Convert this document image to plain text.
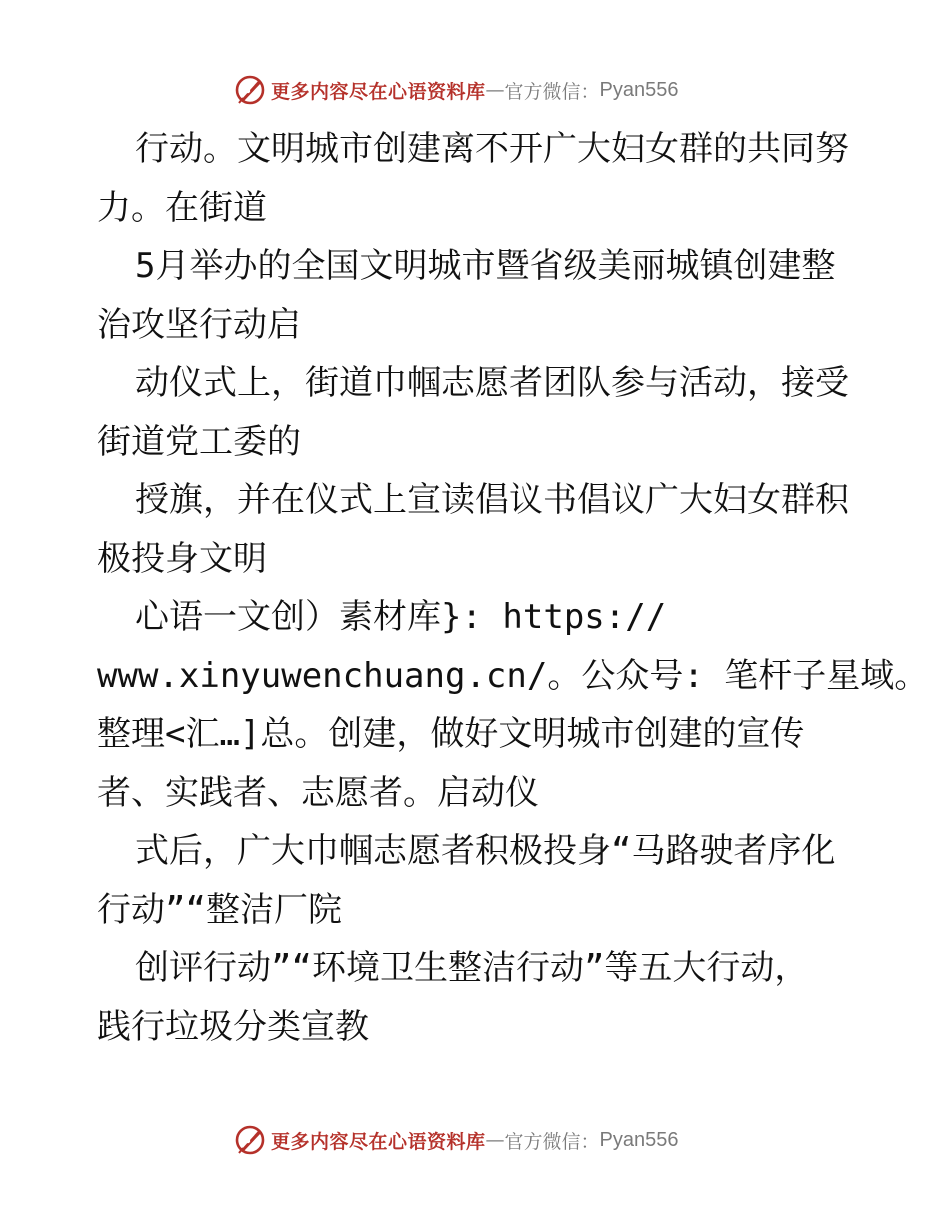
更多内容尽在心语资料库 — 官方微信： Pyan556
行动。文明城市创建离不开广大妇女群的共同努
力。在街道
5月举办的全国文明城市暨省级美丽城镇创建整
治攻坚行动启
动仪式上，街道巾帼志愿者团队参与活动，接受
街道党工委的
授旗，并在仪式上宣读倡议书倡议广大妇女群积
极投身文明
心语一文创）素材库}: https://
www.xinyuwenchuang.cn/。公众号: 笔杆子星域。
整理<汇…]总。创建，做好文明城市创建的宣传
者、实践者、志愿者。启动仪
式后，广大巾帼志愿者积极投身“马路驶者序化
行动”“整洁厂院
创评行动”“环境卫生整洁行动”等五大行动，
践行垃圾分类宣教
更多内容尽在心语资料库 — 官方微信： Pyan556
